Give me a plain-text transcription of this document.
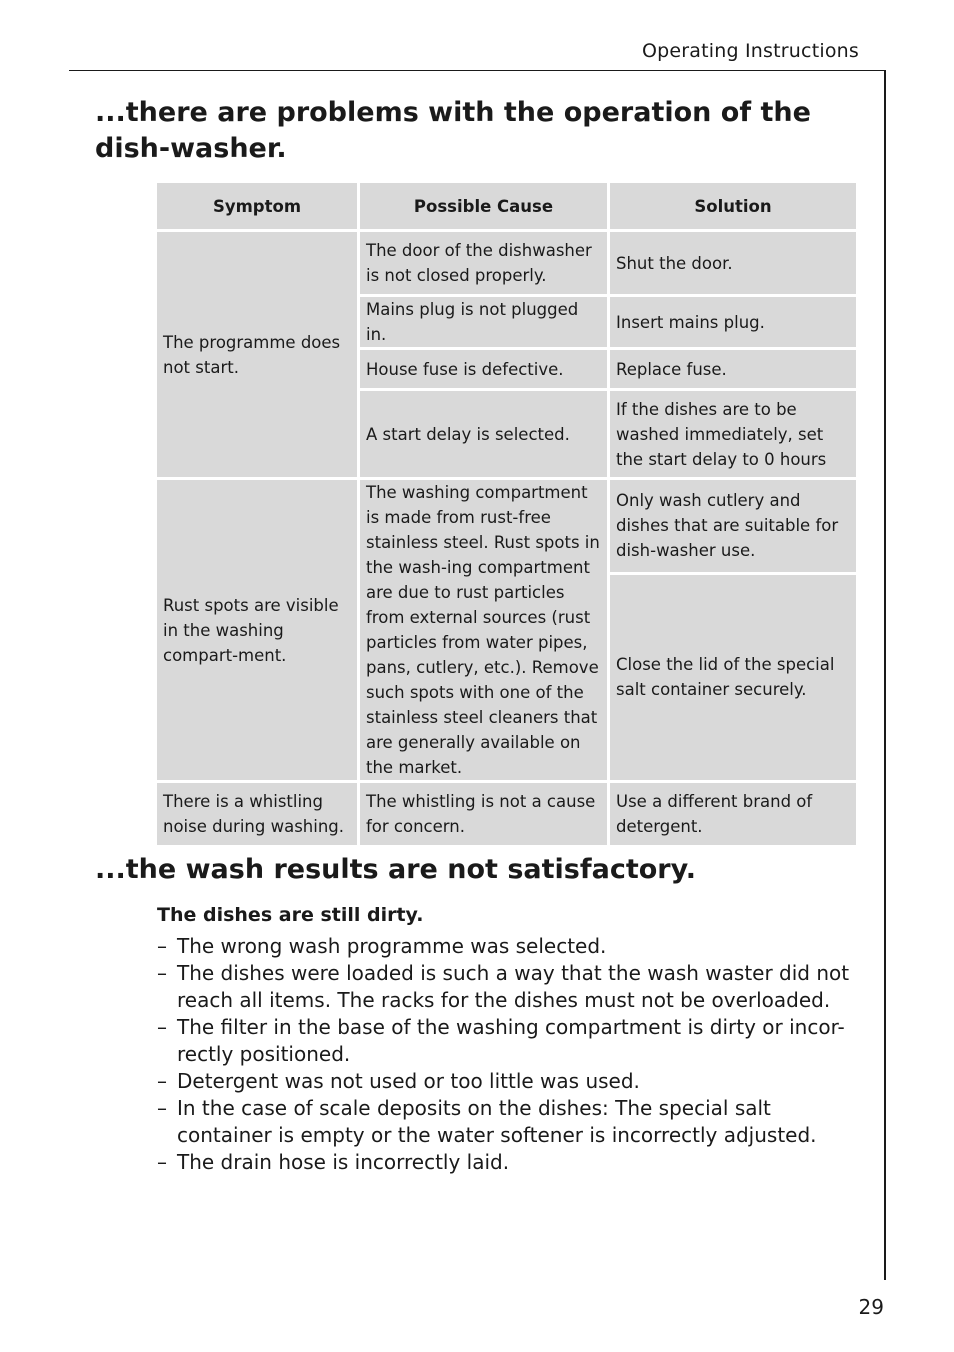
Operating Instructions
...there are problems with the operation of the dish-washer.
Symptom	Possible Cause	Solution
The programme does not start.	The door of the dishwasher is not closed properly.	Shut the door.
	Mains plug is not plugged in.	Insert mains plug.
	House fuse is defective.	Replace fuse.
	A start delay is selected.	If the dishes are to be washed immediately, set the start delay to 0 hours
Rust spots are visible in the washing compart-ment.	The washing compartment is made from rust-free stainless steel. Rust spots in the wash-ing compartment are due to rust particles from external sources (rust particles from water pipes, pans, cutlery, etc.). Remove such spots with one of the stainless steel cleaners that are generally available on the market.	Only wash cutlery and dishes that are suitable for dish-washer use.
		Close the lid of the special salt container securely.
There is a whistling noise during washing.	The whistling is not a cause for concern.	Use a different brand of detergent.
...the wash results are not satisfactory.
The dishes are still dirty.
– The wrong wash programme was selected.
– The dishes were loaded is such a way that the wash waster did not reach all items. The racks for the dishes must not be overloaded.
– The filter in the base of the washing compartment is dirty or incor-rectly positioned.
– Detergent was not used or too little was used.
– In the case of scale deposits on the dishes: The special salt container is empty or the water softener is incorrectly adjusted.
– The drain hose is incorrectly laid.
29
